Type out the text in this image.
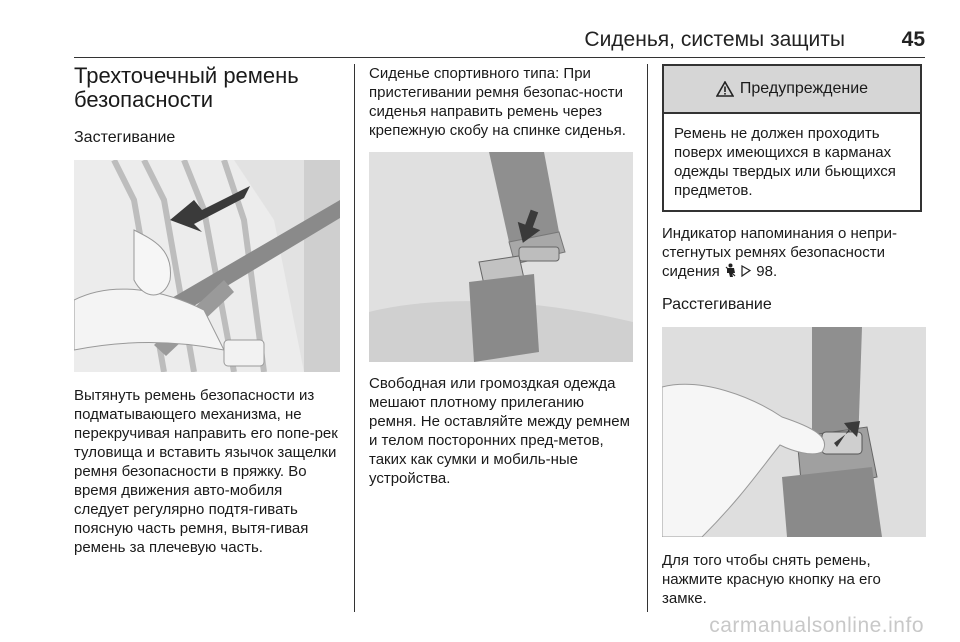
Сиденья, системы защиты	45
Трехточечный ремень безопасности
Застегивание

Вытянуть ремень безопасности из подматывающего механизма, не перекручивая направить его попе-рек туловища и вставить язычок защелки ремня безопасности в пряжку. Во время движения авто-мобиля следует регулярно подтя-гивать поясную часть ремня, вытя-гивая ремень за плечевую часть.

Сиденье спортивного типа: При пристегивании ремня безопас-ности сиденья направить ремень через крепежную скобу на спинке сиденья.

Свободная или громоздкая одежда мешают плотному прилеганию ремня. Не оставляйте между ремнем и телом посторонних пред-метов, таких как сумки и мобиль-ные устройства.

Предупреждение
Ремень не должен проходить поверх имеющихся в карманах одежды твердых или бьющихся предметов.

Индикатор напоминания о непри-стегнутых ремнях безопасности сидения 98.

Расстегивание

Для того чтобы снять ремень, нажмите красную кнопку на его замке.

carmanualsonline.info
